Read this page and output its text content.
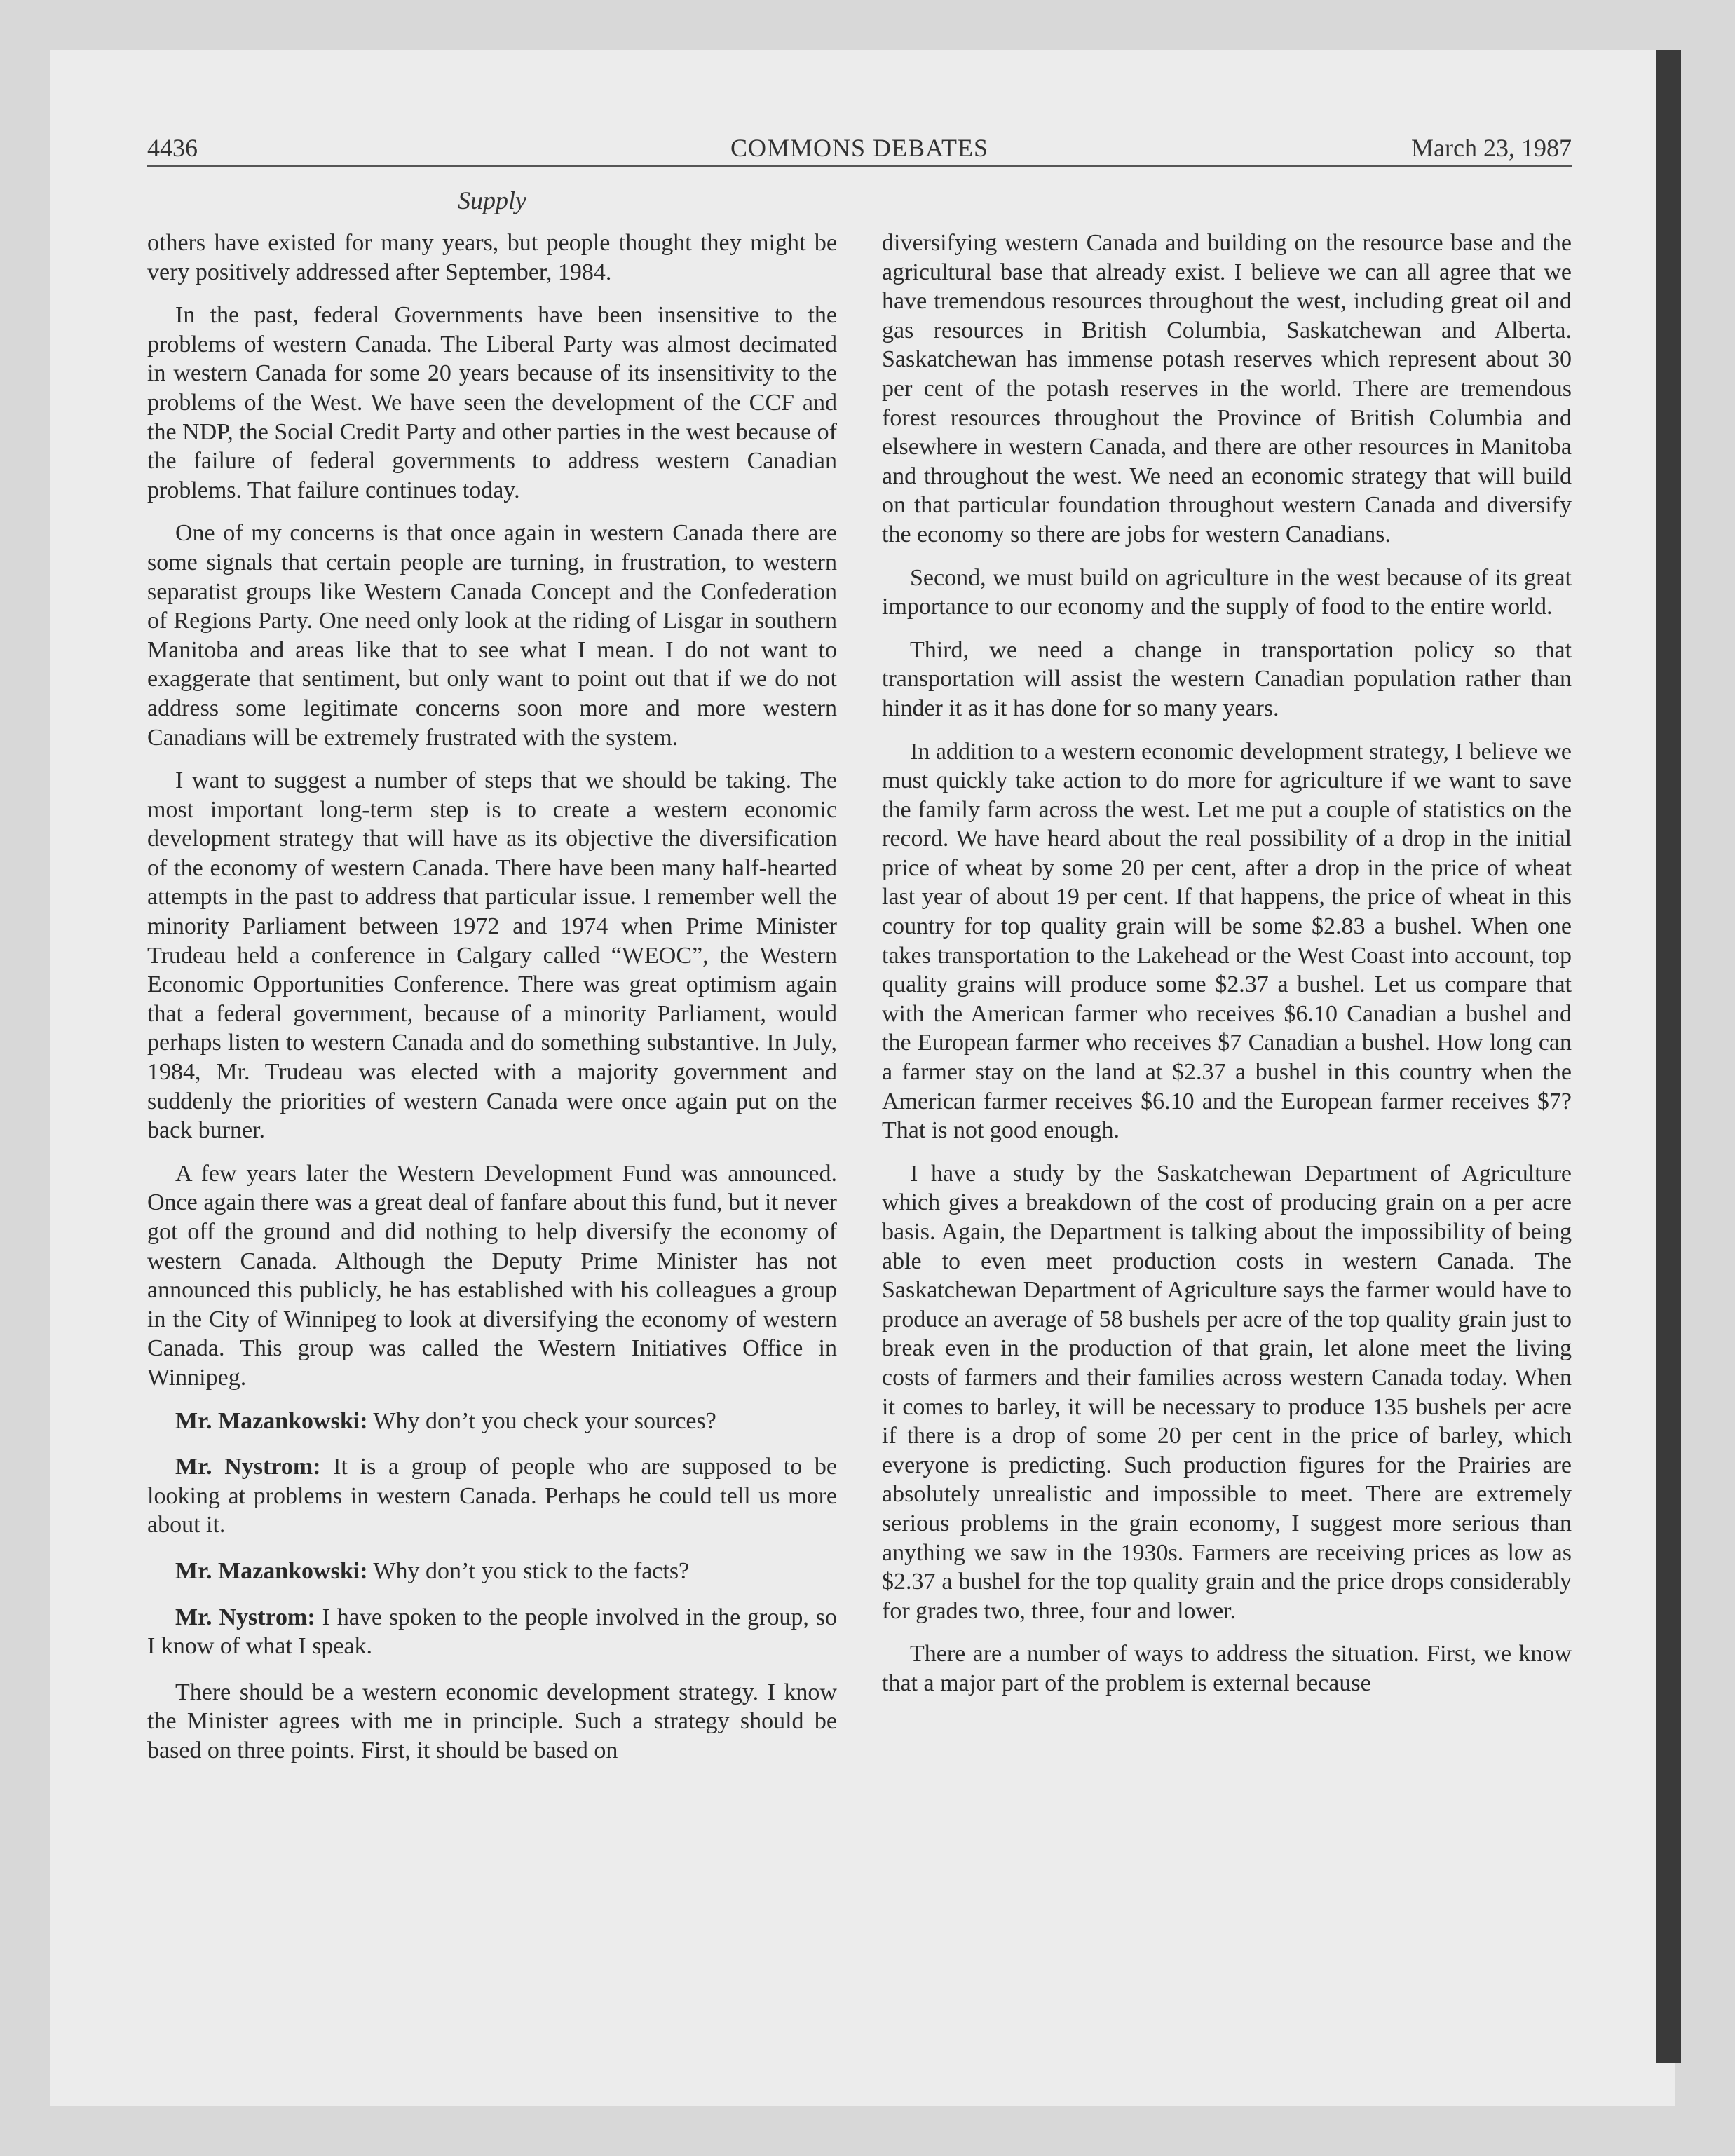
4436	COMMONS DEBATES	March 23, 1987
Supply

others have existed for many years, but people thought they might be very positively addressed after September, 1984.

In the past, federal Governments have been insensitive to the problems of western Canada. The Liberal Party was almost decimated in western Canada for some 20 years because of its insensitivity to the problems of the West. We have seen the development of the CCF and the NDP, the Social Credit Party and other parties in the west because of the failure of federal governments to address western Canadian problems. That failure continues today.

One of my concerns is that once again in western Canada there are some signals that certain people are turning, in frustration, to western separatist groups like Western Canada Concept and the Confederation of Regions Party. One need only look at the riding of Lisgar in southern Manitoba and areas like that to see what I mean. I do not want to exaggerate that sentiment, but only want to point out that if we do not address some legitimate concerns soon more and more western Canadians will be extremely frustrated with the system.

I want to suggest a number of steps that we should be taking. The most important long-term step is to create a western economic development strategy that will have as its objective the diversification of the economy of western Canada. There have been many half-hearted attempts in the past to address that particular issue. I remember well the minority Parliament between 1972 and 1974 when Prime Minister Trudeau held a conference in Calgary called “WEOC”, the Western Economic Opportunities Conference. There was great optimism again that a federal government, because of a minority Parliament, would perhaps listen to western Canada and do something substantive. In July, 1984, Mr. Trudeau was elected with a majority government and suddenly the priorities of western Canada were once again put on the back burner.

A few years later the Western Development Fund was announced. Once again there was a great deal of fanfare about this fund, but it never got off the ground and did nothing to help diversify the economy of western Canada. Although the Deputy Prime Minister has not announced this publicly, he has established with his colleagues a group in the City of Winnipeg to look at diversifying the economy of western Canada. This group was called the Western Initiatives Office in Winnipeg.

Mr. Mazankowski: Why don’t you check your sources?

Mr. Nystrom: It is a group of people who are supposed to be looking at problems in western Canada. Perhaps he could tell us more about it.

Mr. Mazankowski: Why don’t you stick to the facts?

Mr. Nystrom: I have spoken to the people involved in the group, so I know of what I speak.

There should be a western economic development strategy. I know the Minister agrees with me in principle. Such a strategy should be based on three points. First, it should be based on

diversifying western Canada and building on the resource base and the agricultural base that already exist. I believe we can all agree that we have tremendous resources throughout the west, including great oil and gas resources in British Columbia, Saskatchewan and Alberta. Saskatchewan has immense potash reserves which represent about 30 per cent of the potash reserves in the world. There are tremendous forest resources throughout the Province of British Columbia and elsewhere in western Canada, and there are other resources in Manitoba and throughout the west. We need an economic strategy that will build on that particular foundation throughout western Canada and diversify the economy so there are jobs for western Canadians.

Second, we must build on agriculture in the west because of its great importance to our economy and the supply of food to the entire world.

Third, we need a change in transportation policy so that transportation will assist the western Canadian population rather than hinder it as it has done for so many years.

In addition to a western economic development strategy, I believe we must quickly take action to do more for agriculture if we want to save the family farm across the west. Let me put a couple of statistics on the record. We have heard about the real possibility of a drop in the initial price of wheat by some 20 per cent, after a drop in the price of wheat last year of about 19 per cent. If that happens, the price of wheat in this country for top quality grain will be some $2.83 a bushel. When one takes transportation to the Lakehead or the West Coast into account, top quality grains will produce some $2.37 a bushel. Let us compare that with the American farmer who receives $6.10 Canadian a bushel and the European farmer who receives $7 Canadian a bushel. How long can a farmer stay on the land at $2.37 a bushel in this country when the American farmer receives $6.10 and the European farmer receives $7? That is not good enough.

I have a study by the Saskatchewan Department of Agriculture which gives a breakdown of the cost of producing grain on a per acre basis. Again, the Department is talking about the impossibility of being able to even meet production costs in western Canada. The Saskatchewan Department of Agriculture says the farmer would have to produce an average of 58 bushels per acre of the top quality grain just to break even in the production of that grain, let alone meet the living costs of farmers and their families across western Canada today. When it comes to barley, it will be necessary to produce 135 bushels per acre if there is a drop of some 20 per cent in the price of barley, which everyone is predicting. Such production figures for the Prairies are absolutely unrealistic and impossible to meet. There are extremely serious problems in the grain economy, I suggest more serious than anything we saw in the 1930s. Farmers are receiving prices as low as $2.37 a bushel for the top quality grain and the price drops considerably for grades two, three, four and lower.

There are a number of ways to address the situation. First, we know that a major part of the problem is external because
